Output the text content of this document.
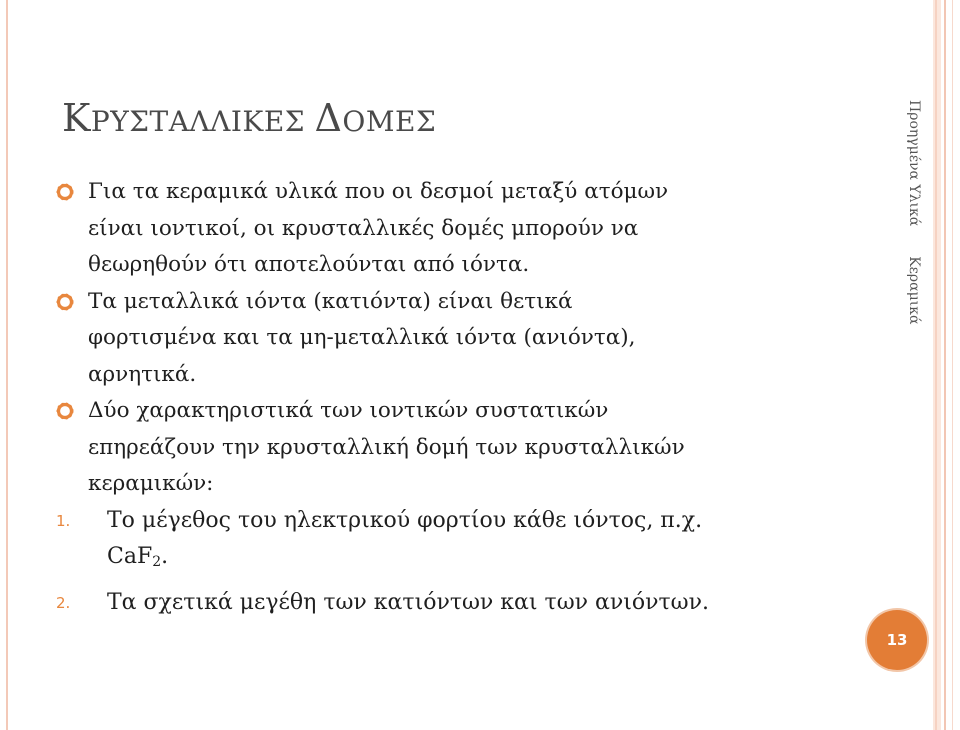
ΚΡΥΣΤΑΛΛΙΚΕΣ ΔΟΜΕΣ
Για τα κεραμικά υλικά που οι δεσμοί μεταξύ ατόμων
είναι ιοντικοί, οι κρυσταλλικές δομές μπορούν να
θεωρηθούν ότι αποτελούνται από ιόντα.
Τα μεταλλικά ιόντα (κατιόντα) είναι θετικά
φορτισμένα και τα μη-μεταλλικά ιόντα (ανιόντα),
αρνητικά.
Δύο χαρακτηριστικά των ιοντικών συστατικών
επηρεάζουν την κρυσταλλική δομή των κρυσταλλικών
κεραμικών:
1. Το μέγεθος του ηλεκτρικού φορτίου κάθε ιόντος, π.χ.
CaF$_2$.
2. Τα σχετικά μεγέθη των κατιόντων και των ανιόντων.
Προηγμένα ΥλικάΚεραμικά
13
